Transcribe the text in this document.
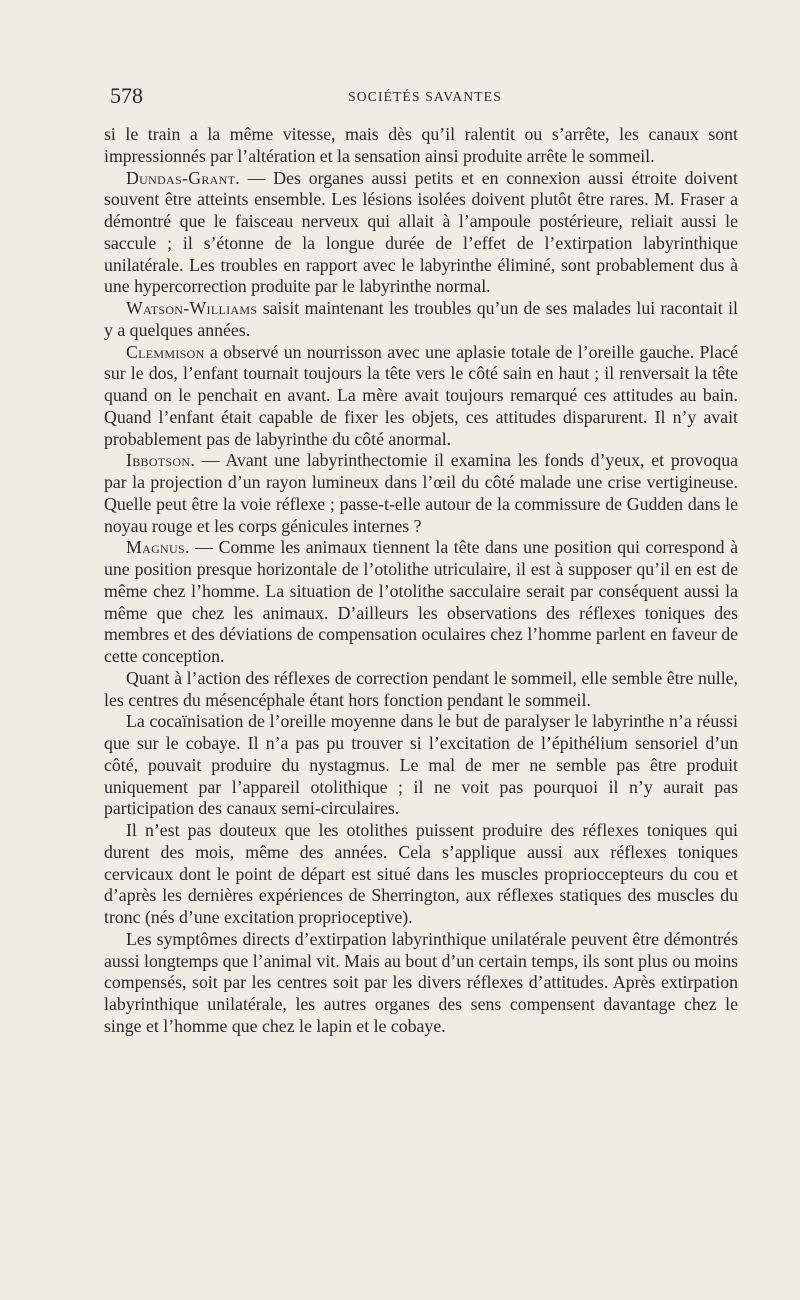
578	SOCIÉTÉS SAVANTES

si le train a la même vitesse, mais dès qu’il ralentit ou s’arrête, les canaux sont impressionnés par l’altération et la sensation ainsi produite arrête le sommeil.

Dundas-Grant. — Des organes aussi petits et en connexion aussi étroite doivent souvent être atteints ensemble. Les lésions isolées doivent plutôt être rares. M. Fraser a démontré que le faisceau nerveux qui allait à l’ampoule postérieure, reliait aussi le saccule ; il s’étonne de la longue durée de l’effet de l’extirpation labyrinthique unilatérale. Les troubles en rapport avec le labyrinthe éliminé, sont probablement dus à une hypercorrection produite par le labyrinthe normal.

Watson-Williams saisit maintenant les troubles qu’un de ses malades lui racontait il y a quelques années.

Clemmison a observé un nourrisson avec une aplasie totale de l’oreille gauche. Placé sur le dos, l’enfant tournait toujours la tête vers le côté sain en haut ; il renversait la tête quand on le penchait en avant. La mère avait toujours remarqué ces attitudes au bain. Quand l’enfant était capable de fixer les objets, ces attitudes disparurent. Il n’y avait probablement pas de labyrinthe du côté anormal.

Ibbotson. — Avant une labyrinthectomie il examina les fonds d’yeux, et provoqua par la projection d’un rayon lumineux dans l’œil du côté malade une crise vertigineuse. Quelle peut être la voie réflexe ; passe-t-elle autour de la commissure de Gudden dans le noyau rouge et les corps génicules internes ?

Magnus. — Comme les animaux tiennent la tête dans une position qui correspond à une position presque horizontale de l’otolithe utriculaire, il est à supposer qu’il en est de même chez l’homme. La situation de l’otolithe sacculaire serait par conséquent aussi la même que chez les animaux. D’ailleurs les observations des réflexes toniques des membres et des déviations de compensation oculaires chez l’homme parlent en faveur de cette conception.

Quant à l’action des réflexes de correction pendant le sommeil, elle semble être nulle, les centres du mésencéphale étant hors fonction pendant le sommeil.

La cocaïnisation de l’oreille moyenne dans le but de paralyser le labyrinthe n’a réussi que sur le cobaye. Il n’a pas pu trouver si l’excitation de l’épithélium sensoriel d’un côté, pouvait produire du nystagmus. Le mal de mer ne semble pas être produit uniquement par l’appareil otolithique ; il ne voit pas pourquoi il n’y aurait pas participation des canaux semi-circulaires.

Il n’est pas douteux que les otolithes puissent produire des réflexes toniques qui durent des mois, même des années. Cela s’applique aussi aux réflexes toniques cervicaux dont le point de départ est situé dans les muscles proprioccepteurs du cou et d’après les dernières expériences de Sherrington, aux réflexes statiques des muscles du tronc (nés d’une excitation proprioceptive).

Les symptômes directs d’extirpation labyrinthique unilatérale peuvent être démontrés aussi longtemps que l’animal vit. Mais au bout d’un certain temps, ils sont plus ou moins compensés, soit par les centres soit par les divers réflexes d’attitudes. Après extirpation labyrinthique unilatérale, les autres organes des sens compensent davantage chez le singe et l’homme que chez le lapin et le cobaye.
